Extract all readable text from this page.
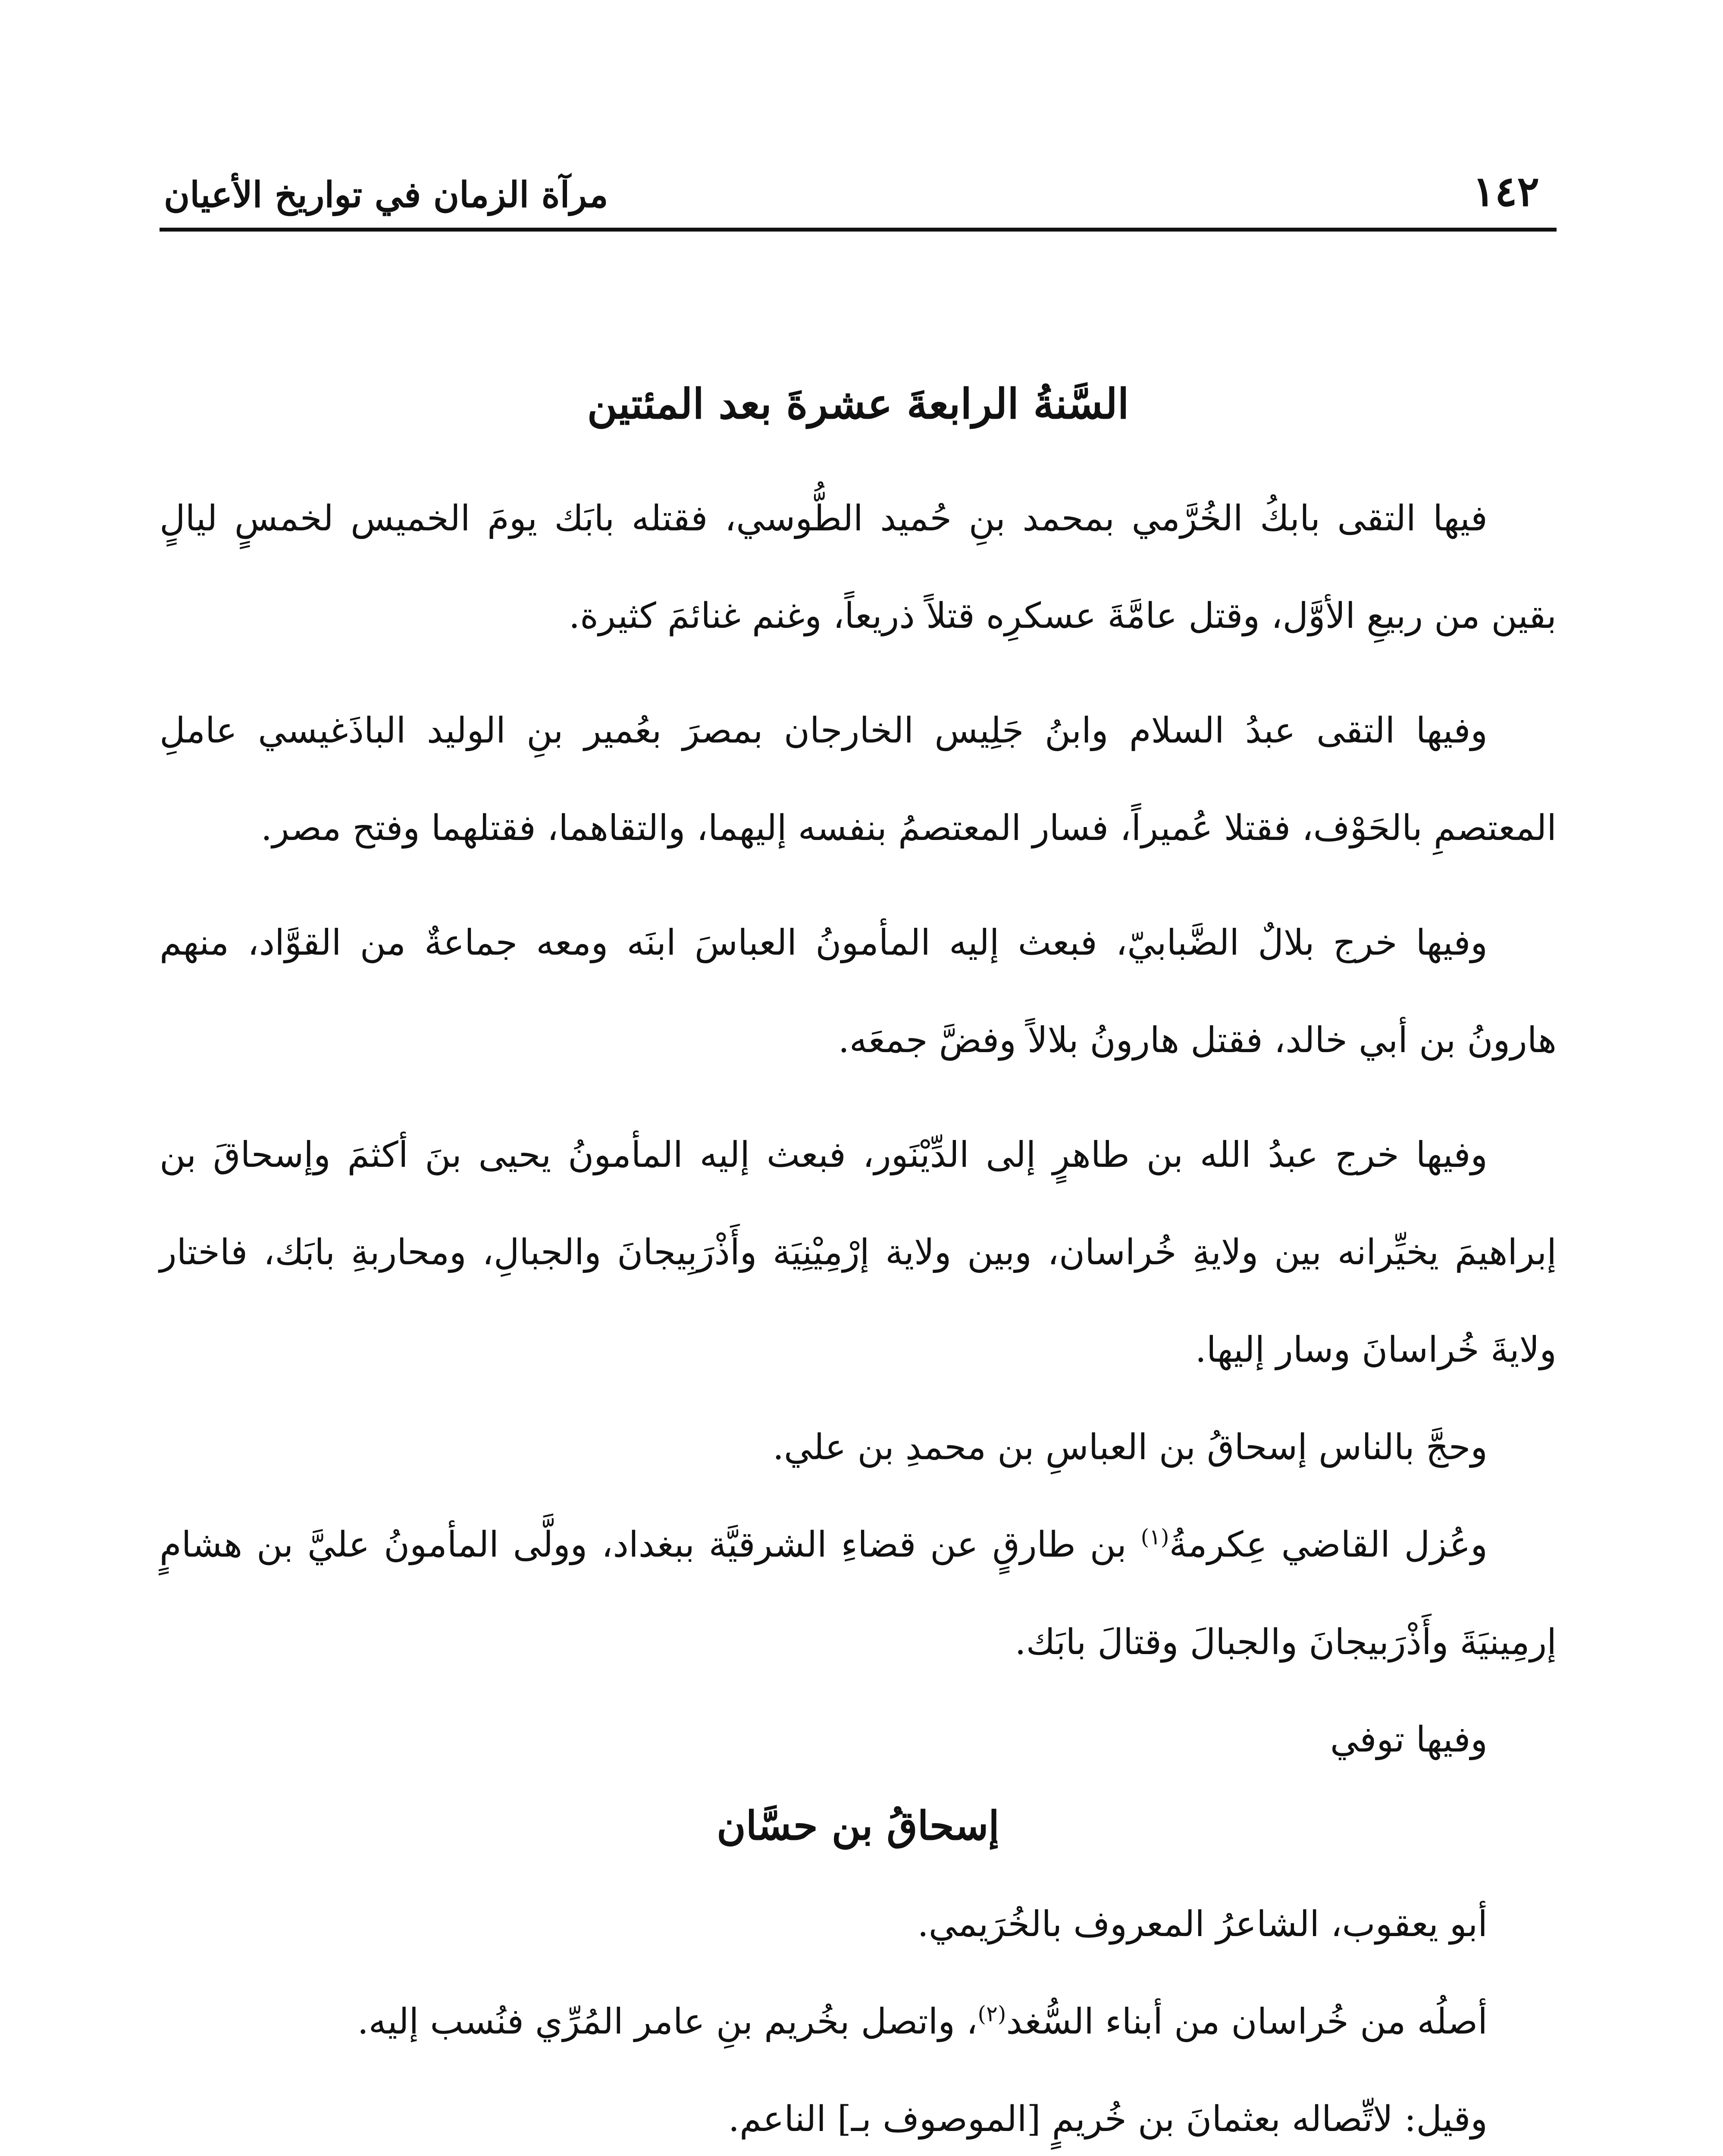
١٤٢
مرآة الزمان في تواريخ الأعيان
السَّنةُ الرابعةَ عشرةَ بعد المئتين

فيها التقى بابكُ الخُرَّمي بمحمد بنِ حُميد الطُّوسي، فقتله بابَك يومَ الخميس لخمسٍ ليالٍ بقين من ربيعِ الأوَّل، وقتل عامَّةَ عسكرِه قتلاً ذريعاً، وغنم غنائمَ كثيرة.

وفيها التقى عبدُ السلام وابنُ جَلِيس الخارجان بمصرَ بعُمير بنِ الوليد الباذَغيسي عاملِ المعتصمِ بالحَوْف، فقتلا عُميراً، فسار المعتصمُ بنفسه إليهما، والتقاهما، فقتلهما وفتح مصر.

وفيها خرج بلالٌ الضَّبابيّ، فبعث إليه المأمونُ العباسَ ابنَه ومعه جماعةٌ من القوَّاد، منهم هارونُ بن أبي خالد، فقتل هارونُ بلالاً وفضَّ جمعَه.

وفيها خرج عبدُ الله بن طاهرٍ إلى الدِّيْنَور، فبعث إليه المأمونُ يحيى بنَ أكثمَ وإسحاقَ بن إبراهيمَ يخيِّرانه بين ولايةِ خُراسان، وبين ولاية إرْمِيْنِيَة وأَذْرَبِيجانَ والجبالِ، ومحاربةِ بابَك، فاختار ولايةَ خُراسانَ وسار إليها.

وحجَّ بالناس إسحاقُ بن العباسِ بن محمدِ بن علي.

وعُزل القاضي عِكرمةُ$^{(١)}$ بن طارقٍ عن قضاءِ الشرقيَّة ببغداد، وولَّى المأمونُ عليَّ بن هشامٍ إرمِينيَةَ وأَذْرَبيجانَ والجبالَ وقتالَ بابَك.

وفيها توفي

إسحاقُ بن حسَّان

أبو يعقوب، الشاعرُ المعروف بالخُرَيمي.

أصلُه من خُراسان من أبناء السُّغد$^{(٢)}$، واتصل بخُريم بنِ عامر المُرِّي فنُسب إليه.

وقيل: لاتِّصاله بعثمانَ بن خُريمٍ [الموصوف بـ] الناعم.
